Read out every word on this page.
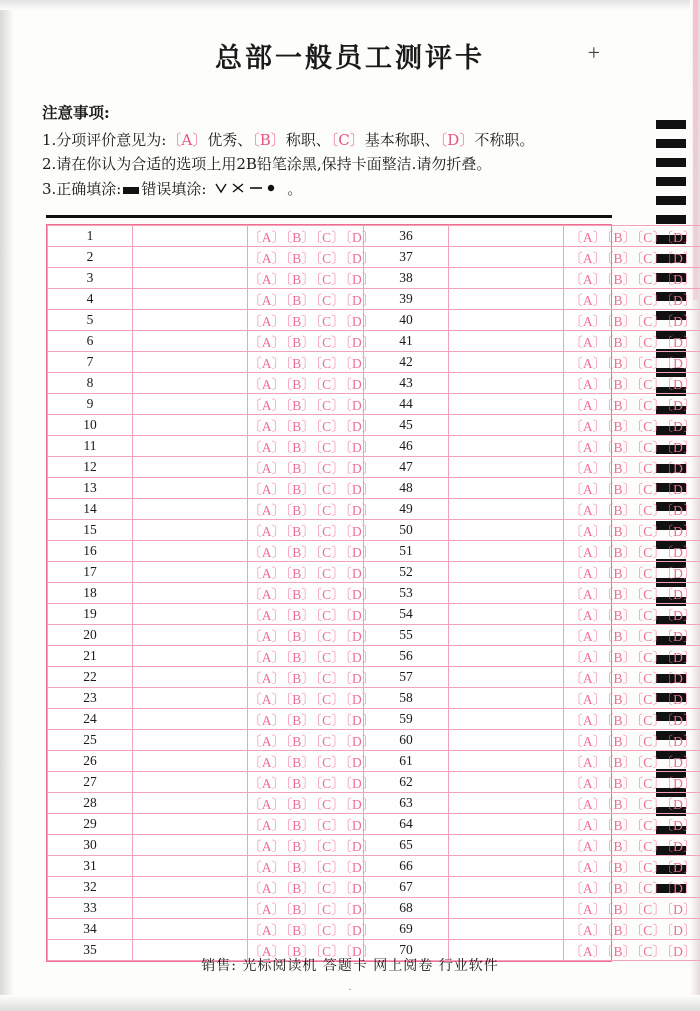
总部一般员工测评卡	+
注意事项:
1.分项评价意见为:〔A〕优秀、〔B〕称职、〔C〕基本称职、〔D〕不称职。
2.请在你认为合适的选项上用2B铅笔涂黑,保持卡面整洁.请勿折叠。
3.正确填涂: 错误填涂:	。
1		〔A〕〔B〕〔C〕〔D〕	36		〔A〕〔B〕〔C〕〔D〕
2		〔A〕〔B〕〔C〕〔D〕	37		〔A〕〔B〕〔C〕〔D〕
3		〔A〕〔B〕〔C〕〔D〕	38		〔A〕〔B〕〔C〕〔D〕
4		〔A〕〔B〕〔C〕〔D〕	39		〔A〕〔B〕〔C〕〔D〕
5		〔A〕〔B〕〔C〕〔D〕	40		〔A〕〔B〕〔C〕〔D〕
6		〔A〕〔B〕〔C〕〔D〕	41		〔A〕〔B〕〔C〕〔D〕
7		〔A〕〔B〕〔C〕〔D〕	42		〔A〕〔B〕〔C〕〔D〕
8		〔A〕〔B〕〔C〕〔D〕	43		〔A〕〔B〕〔C〕〔D〕
9		〔A〕〔B〕〔C〕〔D〕	44		〔A〕〔B〕〔C〕〔D〕
10		〔A〕〔B〕〔C〕〔D〕	45		〔A〕〔B〕〔C〕〔D〕
11		〔A〕〔B〕〔C〕〔D〕	46		〔A〕〔B〕〔C〕〔D〕
12		〔A〕〔B〕〔C〕〔D〕	47		〔A〕〔B〕〔C〕〔D〕
13		〔A〕〔B〕〔C〕〔D〕	48		〔A〕〔B〕〔C〕〔D〕
14		〔A〕〔B〕〔C〕〔D〕	49		〔A〕〔B〕〔C〕〔D〕
15		〔A〕〔B〕〔C〕〔D〕	50		〔A〕〔B〕〔C〕〔D〕
16		〔A〕〔B〕〔C〕〔D〕	51		〔A〕〔B〕〔C〕〔D〕
17		〔A〕〔B〕〔C〕〔D〕	52		〔A〕〔B〕〔C〕〔D〕
18		〔A〕〔B〕〔C〕〔D〕	53		〔A〕〔B〕〔C〕〔D〕
19		〔A〕〔B〕〔C〕〔D〕	54		〔A〕〔B〕〔C〕〔D〕
20		〔A〕〔B〕〔C〕〔D〕	55		〔A〕〔B〕〔C〕〔D〕
21		〔A〕〔B〕〔C〕〔D〕	56		〔A〕〔B〕〔C〕〔D〕
22		〔A〕〔B〕〔C〕〔D〕	57		〔A〕〔B〕〔C〕〔D〕
23		〔A〕〔B〕〔C〕〔D〕	58		〔A〕〔B〕〔C〕〔D〕
24		〔A〕〔B〕〔C〕〔D〕	59		〔A〕〔B〕〔C〕〔D〕
25		〔A〕〔B〕〔C〕〔D〕	60		〔A〕〔B〕〔C〕〔D〕
26		〔A〕〔B〕〔C〕〔D〕	61		〔A〕〔B〕〔C〕〔D〕
27		〔A〕〔B〕〔C〕〔D〕	62		〔A〕〔B〕〔C〕〔D〕
28		〔A〕〔B〕〔C〕〔D〕	63		〔A〕〔B〕〔C〕〔D〕
29		〔A〕〔B〕〔C〕〔D〕	64		〔A〕〔B〕〔C〕〔D〕
30		〔A〕〔B〕〔C〕〔D〕	65		〔A〕〔B〕〔C〕〔D〕
31		〔A〕〔B〕〔C〕〔D〕	66		〔A〕〔B〕〔C〕〔D〕
32		〔A〕〔B〕〔C〕〔D〕	67		〔A〕〔B〕〔C〕〔D〕
33		〔A〕〔B〕〔C〕〔D〕	68		〔A〕〔B〕〔C〕〔D〕
34		〔A〕〔B〕〔C〕〔D〕	69		〔A〕〔B〕〔C〕〔D〕
35		〔A〕〔B〕〔C〕〔D〕	70		〔A〕〔B〕〔C〕〔D〕
销售: 光标阅读机 答题卡 网上阅卷 行业软件
·
